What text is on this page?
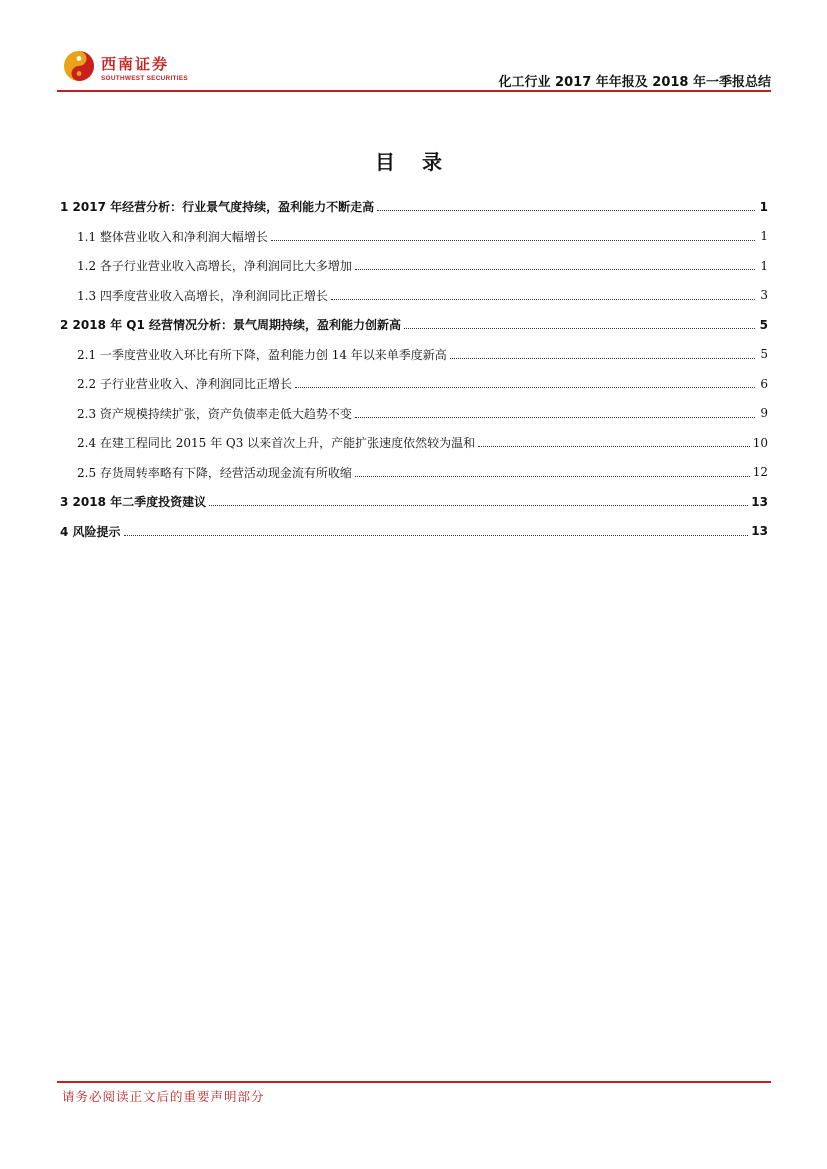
西南证券
SOUTHWEST SECURITIES	化工行业 2017 年年报及 2018 年一季报总结
目 录
1 2017 年经营分析：行业景气度持续，盈利能力不断走高	1
1.1 整体营业收入和净利润大幅增长	1
1.2 各子行业营业收入高增长，净利润同比大多增加	1
1.3 四季度营业收入高增长，净利润同比正增长	3
2 2018 年 Q1 经营情况分析：景气周期持续，盈利能力创新高	5
2.1 一季度营业收入环比有所下降，盈利能力创 14 年以来单季度新高	5
2.2 子行业营业收入、净利润同比正增长	6
2.3 资产规模持续扩张，资产负债率走低大趋势不变	9
2.4 在建工程同比 2015 年 Q3 以来首次上升，产能扩张速度依然较为温和	10
2.5 存货周转率略有下降，经营活动现金流有所收缩	12
3 2018 年二季度投资建议	13
4 风险提示	13
请务必阅读正文后的重要声明部分
